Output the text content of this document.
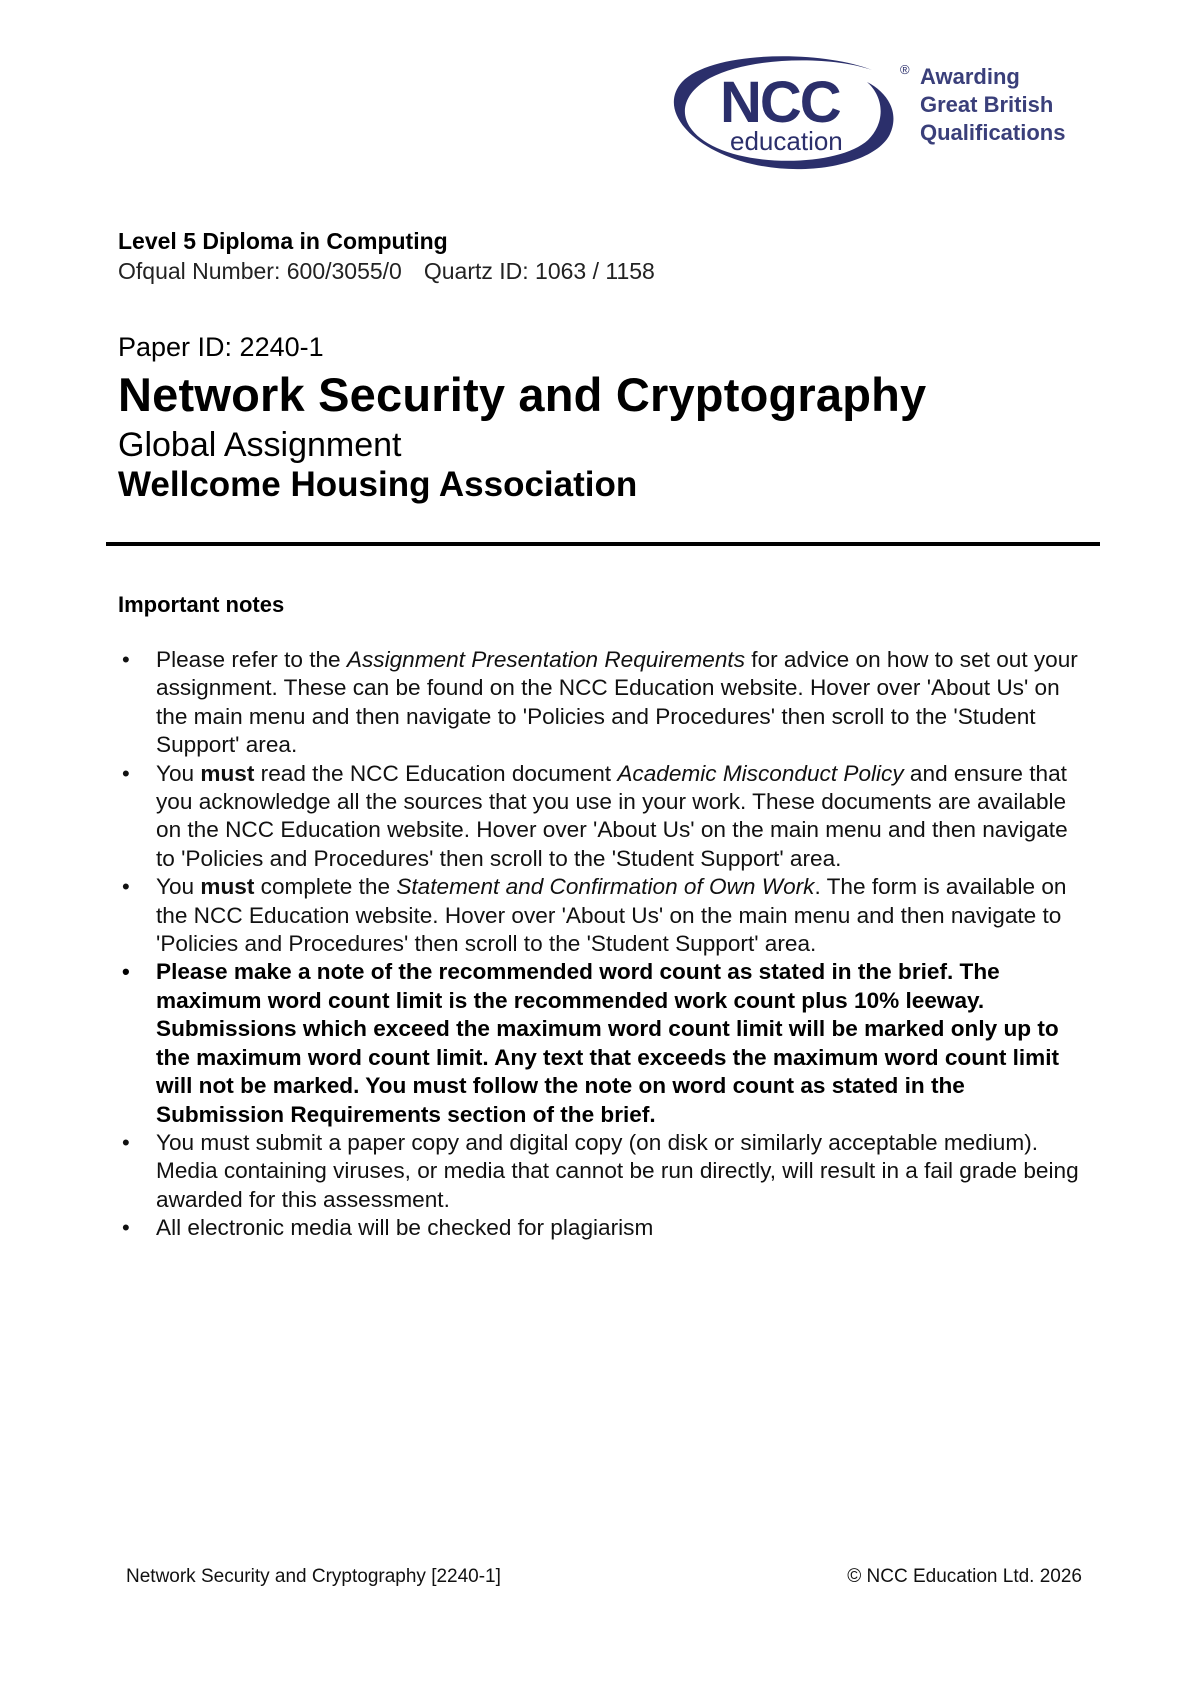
NCC
education
® Awarding
Great British
Qualifications
Level 5 Diploma in Computing
Ofqual Number: 600/3055/0 Quartz ID: 1063 / 1158
Paper ID: 2240-1
Network Security and Cryptography
Global Assignment
Wellcome Housing Association
Important notes
• Please refer to the Assignment Presentation Requirements for advice on how to set out your assignment. These can be found on the NCC Education website. Hover over 'About Us' on the main menu and then navigate to 'Policies and Procedures' then scroll to the 'Student Support' area.
• You must read the NCC Education document Academic Misconduct Policy and ensure that you acknowledge all the sources that you use in your work. These documents are available on the NCC Education website. Hover over 'About Us' on the main menu and then navigate to 'Policies and Procedures' then scroll to the 'Student Support' area.
• You must complete the Statement and Confirmation of Own Work. The form is available on the NCC Education website. Hover over 'About Us' on the main menu and then navigate to 'Policies and Procedures' then scroll to the 'Student Support' area.
• Please make a note of the recommended word count as stated in the brief. The maximum word count limit is the recommended work count plus 10% leeway. Submissions which exceed the maximum word count limit will be marked only up to the maximum word count limit. Any text that exceeds the maximum word count limit will not be marked. You must follow the note on word count as stated in the Submission Requirements section of the brief.
• You must submit a paper copy and digital copy (on disk or similarly acceptable medium). Media containing viruses, or media that cannot be run directly, will result in a fail grade being awarded for this assessment.
• All electronic media will be checked for plagiarism
Network Security and Cryptography [2240-1]	© NCC Education Ltd. 2026
